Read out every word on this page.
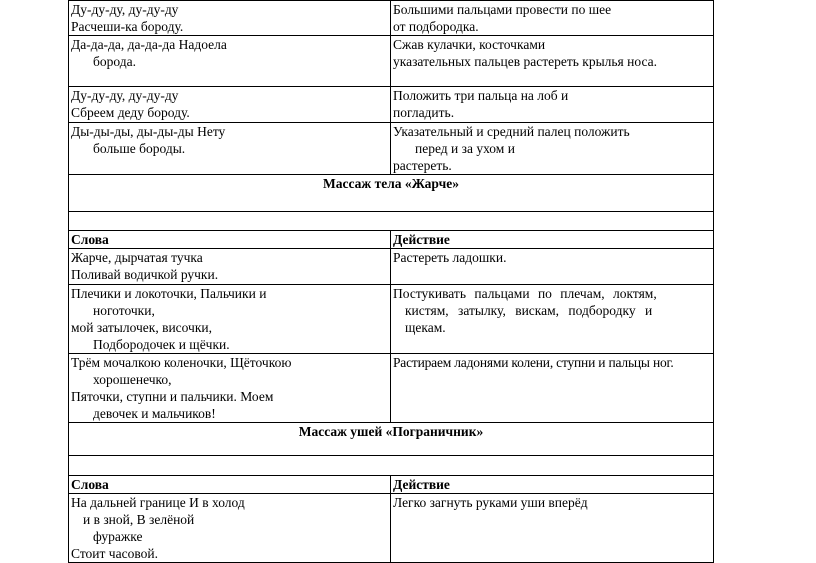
Ду-ду-ду, ду-ду-ду
Расчеши-ка бороду.	Большими пальцами провести по шее
от подбородка.

Да-да-да, да-да-да Надоела
борода.	Сжав кулачки, косточками
указательных пальцев растереть крылья носа.

Ду-ду-ду, ду-ду-ду
Сбреем деду бороду.	Положить три пальца на лоб и
погладить.

Ды-ды-ды, ды-ды-ды Нету
больше бороды.	Указательный и средний палец положить
перед и за ухом и
растереть.

Массаж тела «Жарче»	

Слова	Действие

Жарче, дырчатая тучка
Поливай водичкой ручки.	Растереть ладошки.

Плечики и локоточки, Пальчики и
ноготочки,
мой затылочек, височки,
Подбородочек и щёчки.	Постукивать пальцами по плечам, локтям,
кистям, затылку, вискам, подбородку и
щекам.

Трём мочалкою коленочки, Щёточкою
хорошенечко,
Пяточки, ступни и пальчики. Моем
девочек и мальчиков!	Растираем ладонями колени, ступни и пальцы ног.

Массаж ушей «Пограничник»	

Слова	Действие

На дальней границе И в холод
и в зной, В зелёной
фуражке
Стоит часовой.	Легко загнуть руками уши вперёд
